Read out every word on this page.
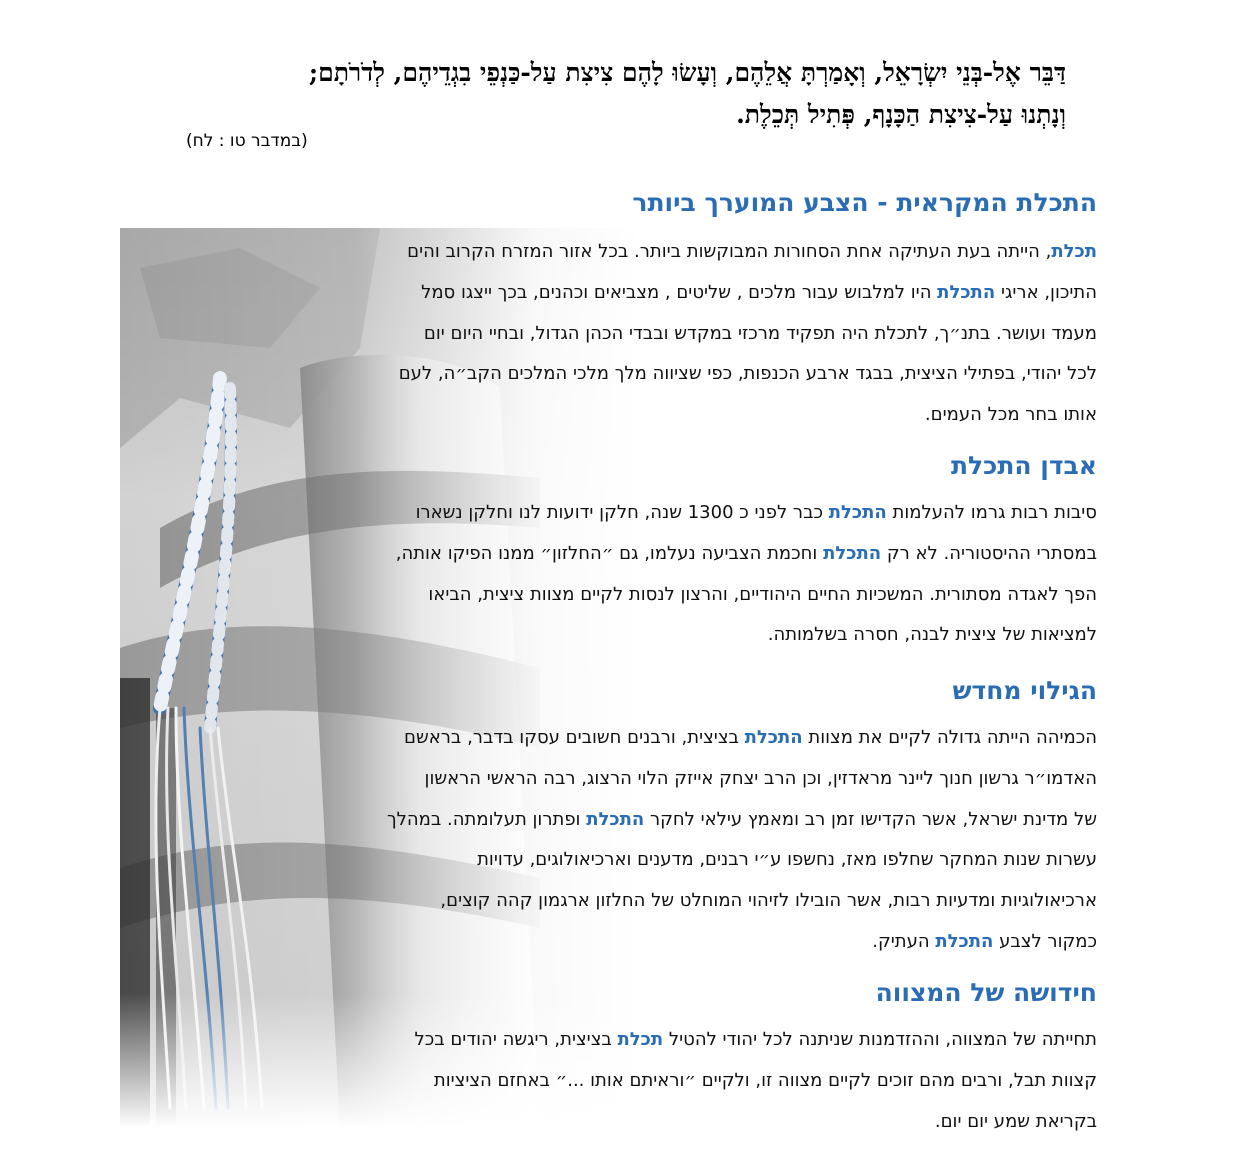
דַּבֵּר אֶל-בְּנֵי יִשְׂרָאֵל, וְאָמַרְתָּ אֲלֵהֶם, וְעָשׂוּ לָהֶם צִיצִת עַל-כַּנְפֵי בִגְדֵיהֶם, לְדֹרֹתָם;
וְנָתְנוּ עַל-צִיצִת הַכָּנָף, פְּתִיל תְּכֵלֶת.
(במדבר טו : לח)
התכלת המקראית - הצבע המוערך ביותר
תכלת, הייתה בעת העתיקה אחת הסחורות המבוקשות ביותר. בכל אזור המזרח הקרוב והים
התיכון, אריגי התכלת היו למלבוש עבור מלכים , שליטים , מצביאים וכהנים, בכך ייצגו סמל
מעמד ועושר. בתנ״ך, לתכלת היה תפקיד מרכזי במקדש ובבדי הכהן הגדול, ובחיי היום יום
לכל יהודי, בפתילי הציצית, בבגד ארבע הכנפות, כפי שציווה מלך מלכי המלכים הקב״ה, לעם
אותו בחר מכל העמים.
אבדן התכלת
סיבות רבות גרמו להעלמות התכלת כבר לפני כ 1300 שנה, חלקן ידועות לנו וחלקן נשארו
במסתרי ההיסטוריה. לא רק התכלת וחכמת הצביעה נעלמו, גם ״החלזון״ ממנו הפיקו אותה,
הפך לאגדה מסתורית. המשכיות החיים היהודיים, והרצון לנסות לקיים מצוות ציצית, הביאו
למציאות של ציצית לבנה, חסרה בשלמותה.
הגילוי מחדש
הכמיהה הייתה גדולה לקיים את מצוות התכלת בציצית, ורבנים חשובים עסקו בדבר, בראשם
האדמו״ר גרשון חנוך ליינר מראדזין, וכן הרב יצחק אייזק הלוי הרצוג, רבה הראשי הראשון
של מדינת ישראל, אשר הקדישו זמן רב ומאמץ עילאי לחקר התכלת ופתרון תעלומתה. במהלך
עשרות שנות המחקר שחלפו מאז, נחשפו ע״י רבנים, מדענים וארכיאולוגים, עדויות
ארכיאולוגיות ומדעיות רבות, אשר הובילו לזיהוי המוחלט של החלזון ארגמון קהה קוצים,
כמקור לצבע התכלת העתיק.
חידושה של המצווה
תחייתה של המצווה, וההזדמנות שניתנה לכל יהודי להטיל תכלת בציצית, ריגשה יהודים בכל
קצוות תבל, ורבים מהם זוכים לקיים מצווה זו, ולקיים ״וראיתם אותו ...״ באחזם הציציות
בקריאת שמע יום יום.
